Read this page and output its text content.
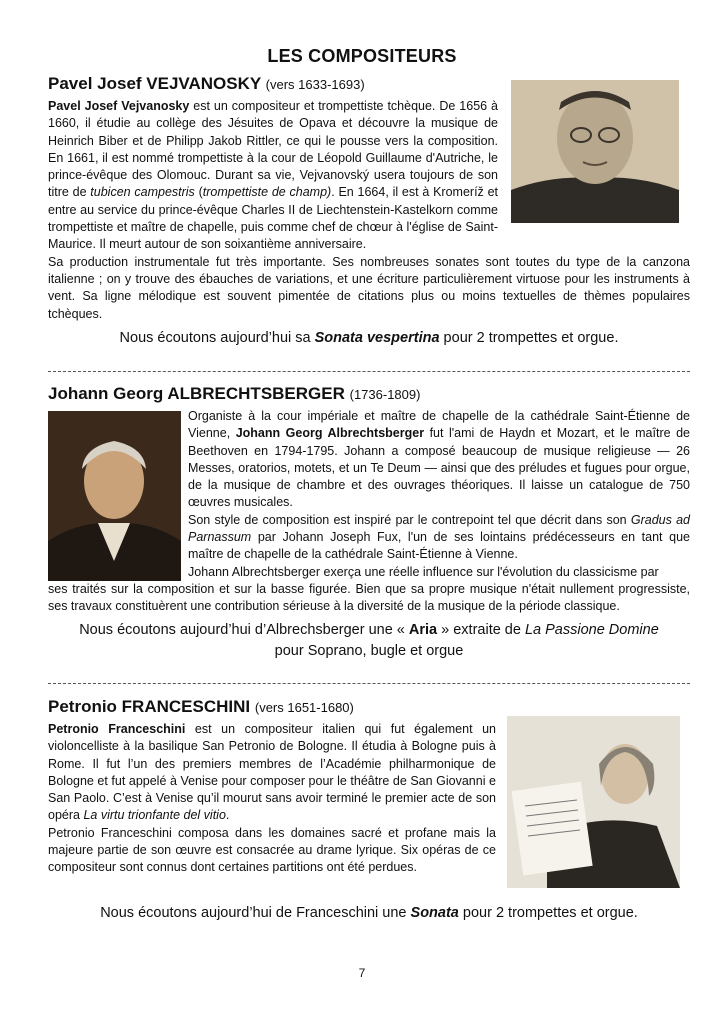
LES COMPOSITEURS
Pavel Josef VEJVANOSKY (vers 1633-1693)

Pavel Josef Vejvanosky est un compositeur et trompettiste tchèque. De 1656 à 1660, il étudie au collège des Jésuites de Opava et découvre la musique de Heinrich Biber et de Philipp Jakob Rittler, ce qui le pousse vers la composition. En 1661, il est nommé trompettiste à la cour de Léopold Guillaume d'Autriche, le prince-évêque des Olomouc. Durant sa vie, Vejvanovský usera toujours de son titre de tubicen campestris (trompettiste de champ). En 1664, il est à Kromeríž et entre au service du prince-évêque Charles II de Liechtenstein-Kastelkorn comme trompettiste et maître de chapelle, puis comme chef de chœur à l'église de Saint-Maurice. Il meurt autour de son soixantième anniversaire.

Sa production instrumentale fut très importante. Ses nombreuses sonates sont toutes du type de la canzona italienne ; on y trouve des ébauches de variations, et une écriture particulièrement virtuose pour les instruments à vent. Sa ligne mélodique est souvent pimentée de citations plus ou moins textuelles de thèmes populaires tchèques.

Nous écoutons aujourd’hui sa Sonata vespertina pour 2 trompettes et orgue.

Johann Georg ALBRECHTSBERGER (1736-1809)

Organiste à la cour impériale et maître de chapelle de la cathédrale Saint-Étienne de Vienne, Johann Georg Albrechtsberger fut l'ami de Haydn et Mozart, et le maître de Beethoven en 1794-1795. Johann a composé beaucoup de musique religieuse — 26 Messes, oratorios, motets, et un Te Deum — ainsi que des préludes et fugues pour orgue, de la musique de chambre et des ouvrages théoriques. Il laisse un catalogue de 750 œuvres musicales.

Son style de composition est inspiré par le contrepoint tel que décrit dans son Gradus ad Parnassum par Johann Joseph Fux, l'un de ses lointains prédécesseurs en tant que maître de chapelle de la cathédrale Saint-Étienne à Vienne.

Johann Albrechtsberger exerça une réelle influence sur l'évolution du classicisme par

ses traités sur la composition et sur la basse figurée. Bien que sa propre musique n'était nullement progressiste, ses travaux constituèrent une contribution sérieuse à la diversité de la musique de la période classique.

Nous écoutons aujourd’hui d’Albrechsberger une « Aria » extraite de La Passione Domine
pour Soprano, bugle et orgue

Petronio FRANCESCHINI (vers 1651-1680)

Petronio Franceschini est un compositeur italien qui fut également un violoncelliste à la basilique San Petronio de Bologne. Il étudia à Bologne puis à Rome. Il fut l’un des premiers membres de l’Académie philharmonique de Bologne et fut appelé à Venise pour composer pour le théâtre de San Giovanni e San Paolo. C’est à Venise qu’il mourut sans avoir terminé le premier acte de son opéra La virtu trionfante del vitio.

Petronio Franceschini composa dans les domaines sacré et profane mais la majeure partie de son œuvre est consacrée au drame lyrique. Six opéras de ce compositeur sont connus dont certaines partitions ont été perdues.

Nous écoutons aujourd’hui de Franceschini une Sonata pour 2 trompettes et orgue.

7
